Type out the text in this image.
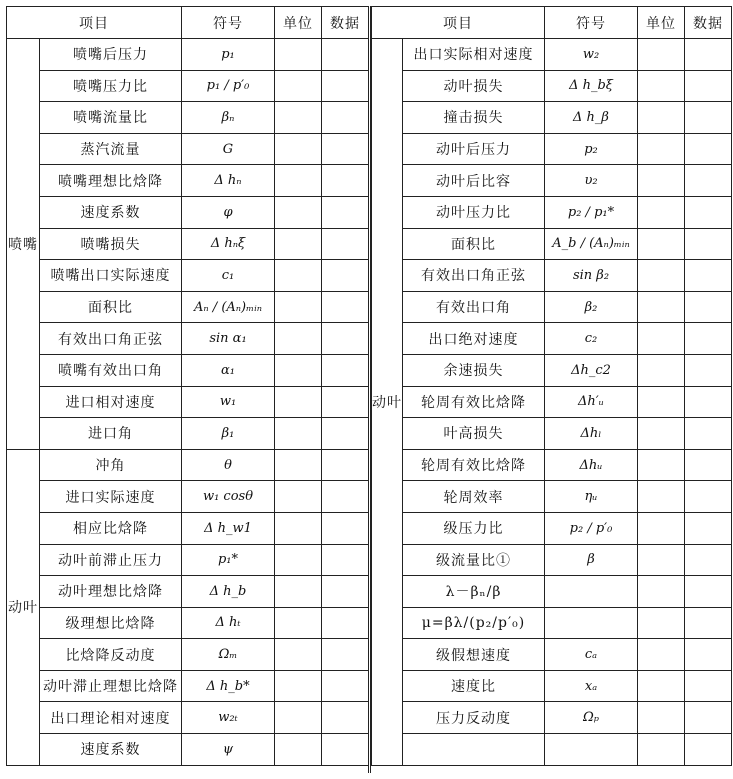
项目		符号	单位	数据
喷嘴	喷嘴后压力	p₁		
	喷嘴压力比	p₁ / p′₀		
	喷嘴流量比	βₙ		
	蒸汽流量	G		
	喷嘴理想比焓降	Δ hₙ		
	速度系数	φ		
	喷嘴损失	Δ hₙξ		
	喷嘴出口实际速度	c₁		
	面积比	Aₙ / (Aₙ)ₘᵢₙ		
	有效出口角正弦	sin α₁		
	喷嘴有效出口角	α₁		
	进口相对速度	w₁		
	进口角	β₁		
动叶	冲角	θ		
	进口实际速度	w₁ cosθ		
	相应比焓降	Δ h_w1		
	动叶前滞止压力	p₁*		
	动叶理想比焓降	Δ h_b		
	级理想比焓降	Δ hₜ		
	比焓降反动度	Ωₘ		
	动叶滞止理想比焓降	Δ h_b*		
	出口理论相对速度	w₂ₜ		
	速度系数	ψ		
项目		符号	单位	数据
动叶	出口实际相对速度	w₂		
	动叶损失	Δ h_bξ		
	撞击损失	Δ h_β		
	动叶后压力	p₂		
	动叶后比容	υ₂		
	动叶压力比	p₂ / p₁*		
	面积比	A_b / (Aₙ)ₘᵢₙ		
	有效出口角正弦	sin β₂		
	有效出口角	β₂		
	出口绝对速度	c₂		
	余速损失	Δh_c2		
	轮周有效比焓降	Δh′ᵤ		
	叶高损失	Δhₗ		
	轮周有效比焓降	Δhᵤ		
	轮周效率	ηᵤ		
	级压力比	p₂ / p′₀		
	级流量比①	β		
	λ－βₙ/β			
	μ=βλ/(p₂/p′₀)			
	级假想速度	cₐ		
	速度比	xₐ		
	压力反动度	Ωₚ		
